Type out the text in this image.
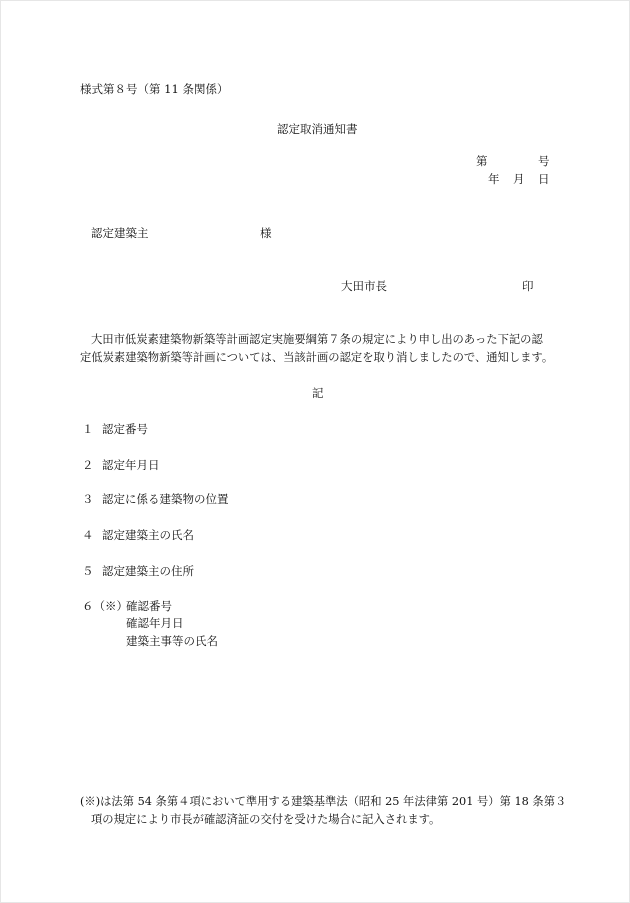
様式第８号（第 11 条関係）
認定取消通知書
第	号
年 月 日
認定建築主	様
大田市長	印
大田市低炭素建築物新築等計画認定実施要綱第７条の規定により申し出のあった下記の認
定低炭素建築物新築等計画については、当該計画の認定を取り消しましたので、通知します。
記
１ 認定番号
２ 認定年月日
３ 認定に係る建築物の位置
４ 認定建築主の氏名
５ 認定建築主の住所
６（※）
確認番号
確認年月日
建築主事等の氏名
(※)は法第 54 条第４項において準用する建築基準法（昭和 25 年法律第 201 号）第 18 条第３
項の規定により市長が確認済証の交付を受けた場合に記入されます。
